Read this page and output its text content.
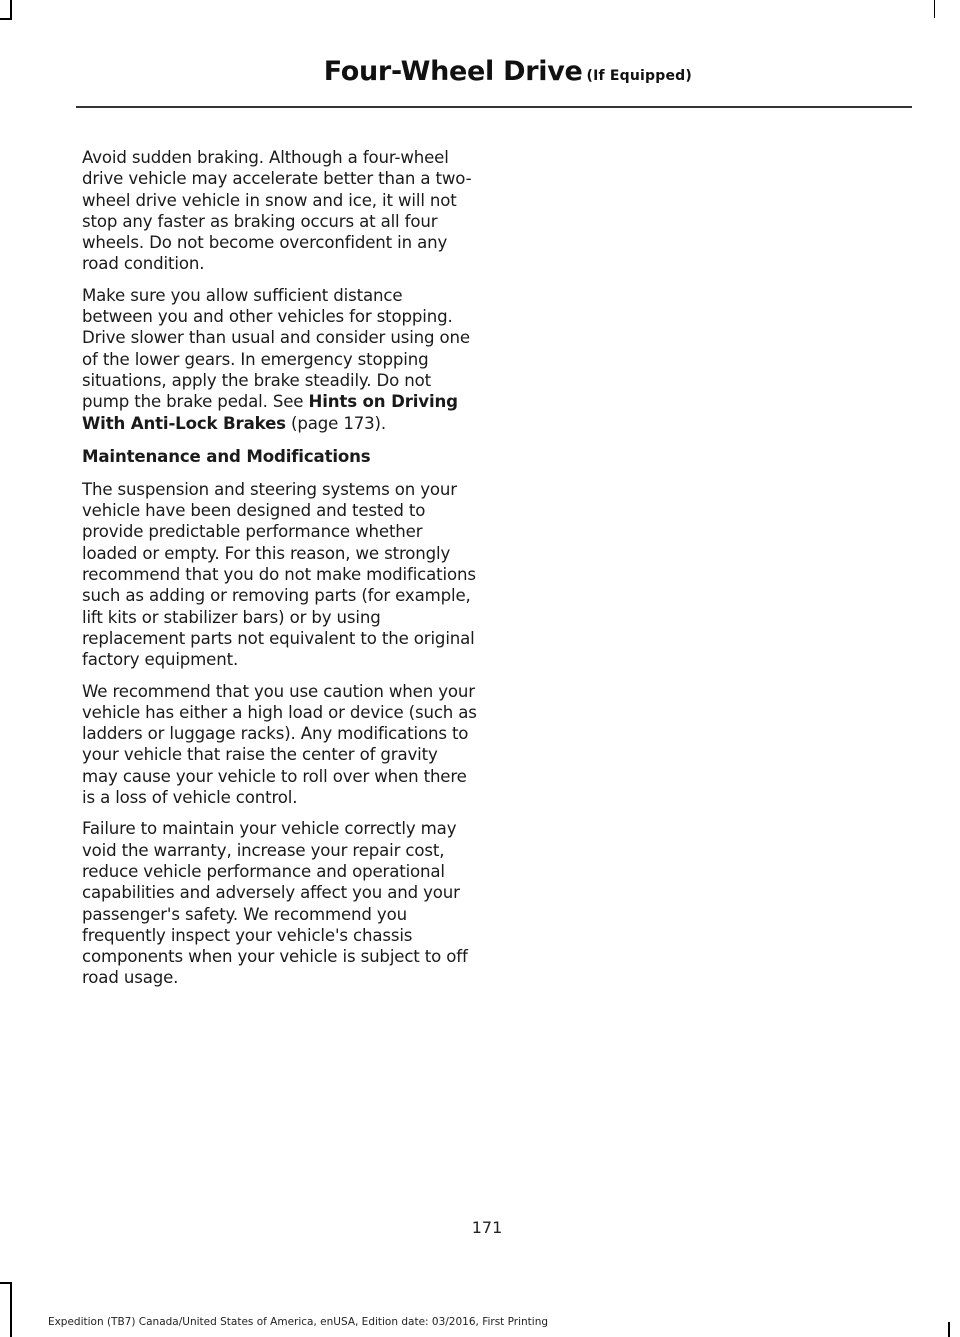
Four-Wheel Drive (If Equipped)

Avoid sudden braking. Although a four-wheel drive vehicle may accelerate better than a two-wheel drive vehicle in snow and ice, it will not stop any faster as braking occurs at all four wheels. Do not become overconfident in any road condition.

Make sure you allow sufficient distance between you and other vehicles for stopping. Drive slower than usual and consider using one of the lower gears. In emergency stopping situations, apply the brake steadily. Do not pump the brake pedal. See Hints on Driving With Anti-Lock Brakes (page 173).

Maintenance and Modifications

The suspension and steering systems on your vehicle have been designed and tested to provide predictable performance whether loaded or empty. For this reason, we strongly recommend that you do not make modifications such as adding or removing parts (for example, lift kits or stabilizer bars) or by using replacement parts not equivalent to the original factory equipment.

We recommend that you use caution when your vehicle has either a high load or device (such as ladders or luggage racks). Any modifications to your vehicle that raise the center of gravity may cause your vehicle to roll over when there is a loss of vehicle control.

Failure to maintain your vehicle correctly may void the warranty, increase your repair cost, reduce vehicle performance and operational capabilities and adversely affect you and your passenger's safety. We recommend you frequently inspect your vehicle's chassis components when your vehicle is subject to off road usage.

171
Expedition (TB7) Canada/United States of America, enUSA, Edition date: 03/2016, First Printing
